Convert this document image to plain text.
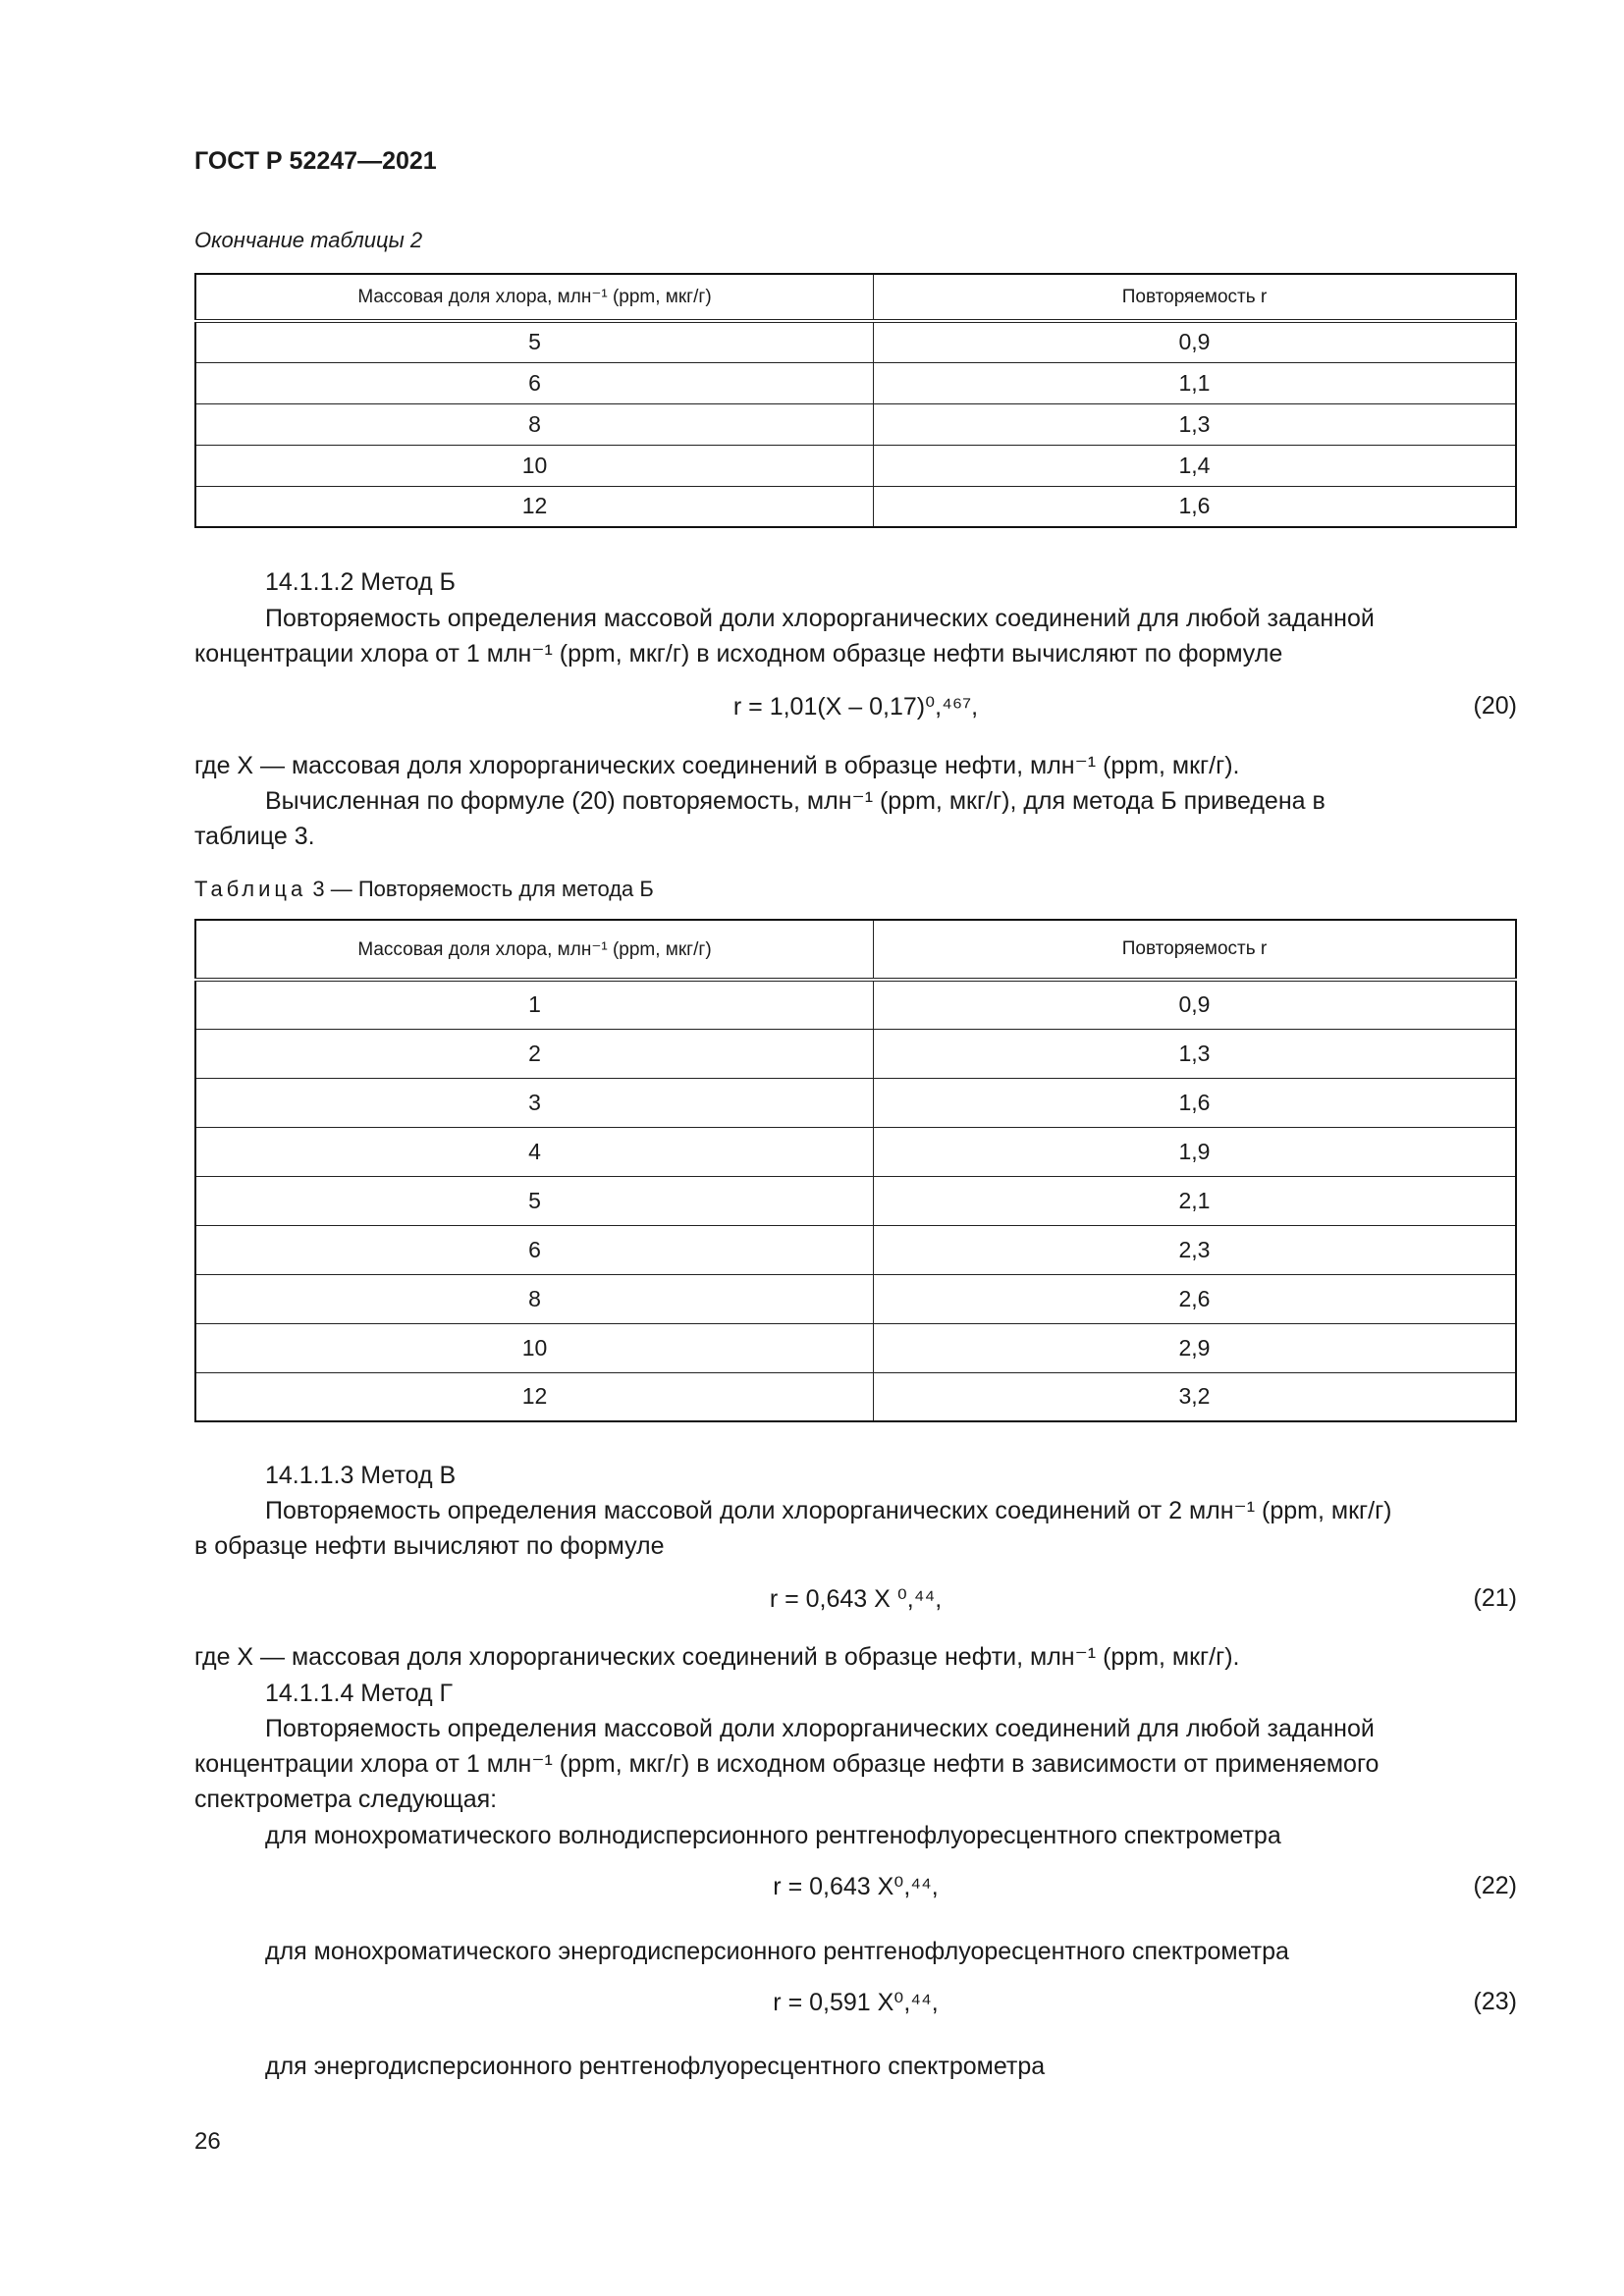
ГОСТ Р 52247—2021
Окончание таблицы 2
Массовая доля хлора, млн⁻¹ (ppm, мкг/г)	Повторяемость r
5	0,9
6	1,1
8	1,3
10	1,4
12	1,6
14.1.1.2 Метод Б
Повторяемость определения массовой доли хлорорганических соединений для любой заданной
концентрации хлора от 1 млн⁻¹ (ppm, мкг/г) в исходном образце нефти вычисляют по формуле
r = 1,01(X – 0,17)⁰,⁴⁶⁷,	(20)
где X — массовая доля хлорорганических соединений в образце нефти, млн⁻¹ (ppm, мкг/г).
Вычисленная по формуле (20) повторяемость, млн⁻¹ (ppm, мкг/г), для метода Б приведена в
таблице 3.
Таблица 3 — Повторяемость для метода Б
Массовая доля хлора, млн⁻¹ (ppm, мкг/г)	Повторяемость r
1	0,9
2	1,3
3	1,6
4	1,9
5	2,1
6	2,3
8	2,6
10	2,9
12	3,2
14.1.1.3 Метод В
Повторяемость определения массовой доли хлорорганических соединений от 2 млн⁻¹ (ppm, мкг/г)
в образце нефти вычисляют по формуле
r = 0,643 X ⁰,⁴⁴,	(21)
где X — массовая доля хлорорганических соединений в образце нефти, млн⁻¹ (ppm, мкг/г).
14.1.1.4 Метод Г
Повторяемость определения массовой доли хлорорганических соединений для любой заданной
концентрации хлора от 1 млн⁻¹ (ppm, мкг/г) в исходном образце нефти в зависимости от применяемого
спектрометра следующая:
для монохроматического волнодисперсионного рентгенофлуоресцентного спектрометра
r = 0,643 X⁰,⁴⁴,	(22)
для монохроматического энергодисперсионного рентгенофлуоресцентного спектрометра
r = 0,591 X⁰,⁴⁴,	(23)
для энергодисперсионного рентгенофлуоресцентного спектрометра
26
